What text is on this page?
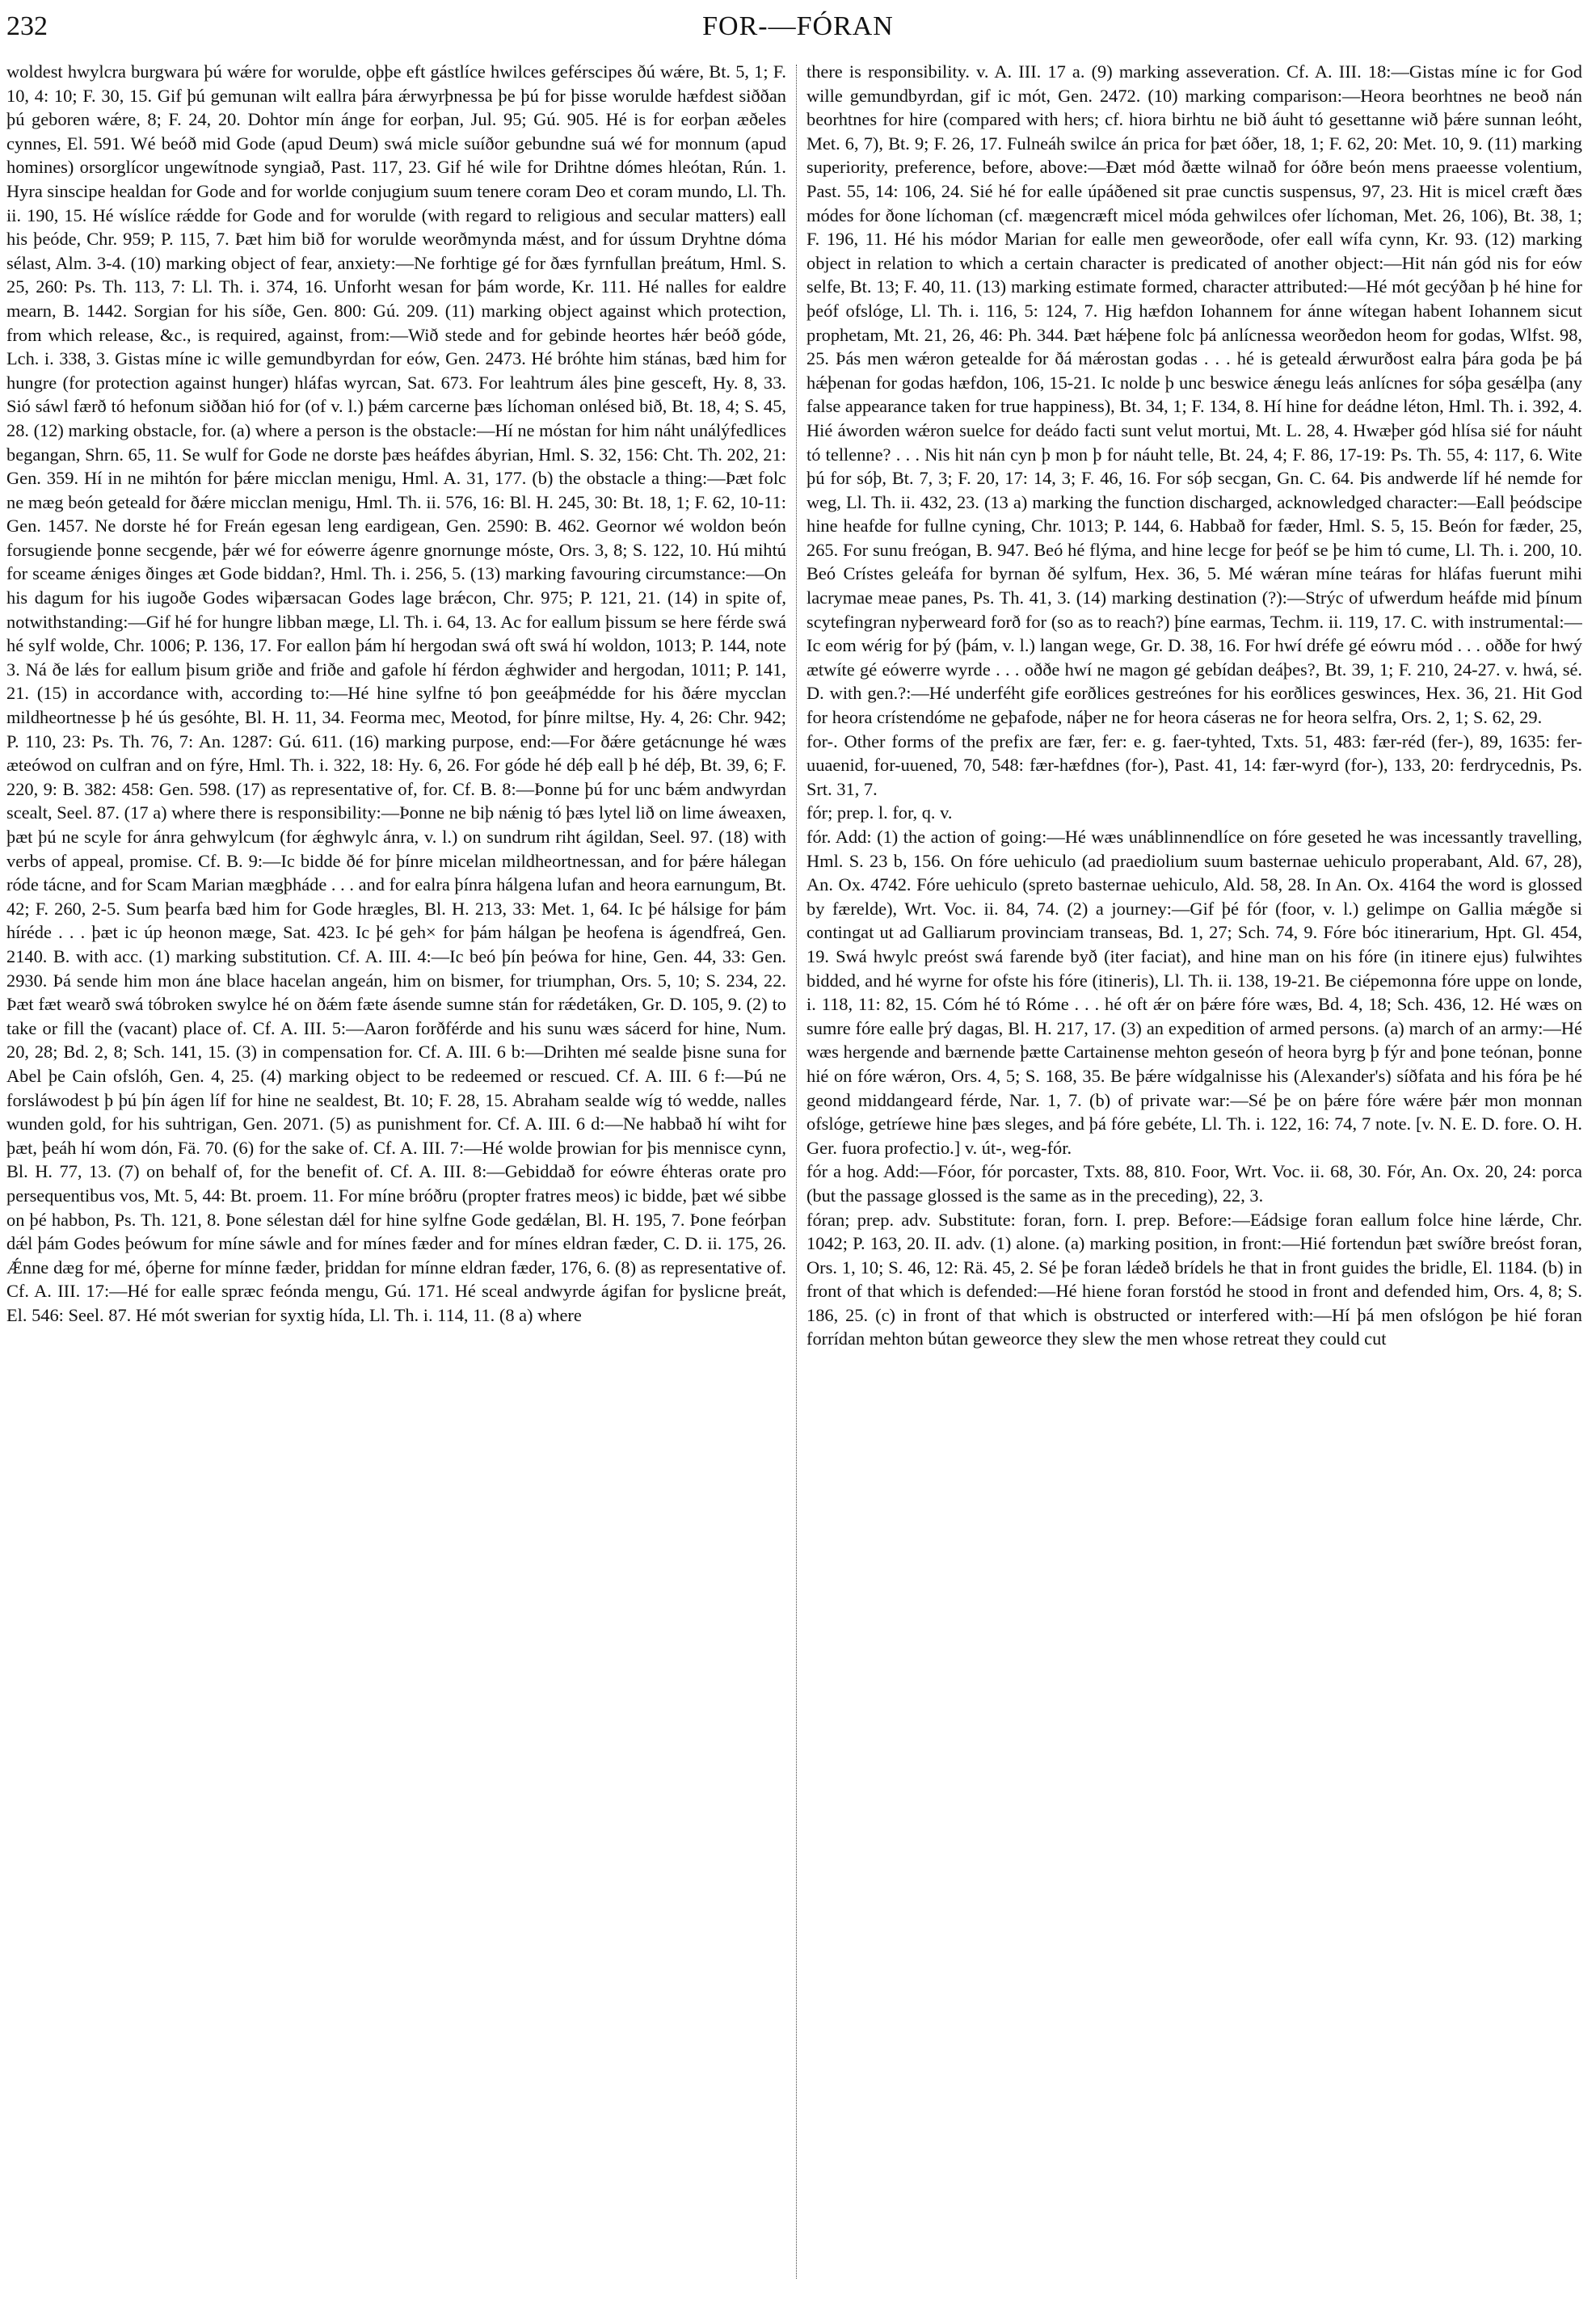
232	FOR-—FÓRAN

woldest hwylcra burgwara þú wǽre for worulde, oþþe eft gástlíce hwilces geférscipes ðú wǽre, Bt. 5, 1; F. 10, 4: 10; F. 30, 15. Gif þú gemunan wilt eallra þára ǽrwyrþnessa þe þú for þisse worulde hæfdest siððan þú geboren wǽre, 8; F. 24, 20. Dohtor mín ánge for eorþan, Jul. 95; Gú. 905. Hé is for eorþan æðeles cynnes, El. 591. Wé beóð mid Gode (apud Deum) swá micle suíðor gebundne suá wé for monnum (apud homines) orsorglícor ungewítnode syngiað, Past. 117, 23. Gif hé wile for Drihtne dómes hleótan, Rún. 1. Hyra sinscipe healdan for Gode and for worlde conjugium suum tenere coram Deo et coram mundo, Ll. Th. ii. 190, 15. Hé wíslíce rǽdde for Gode and for worulde (with regard to religious and secular matters) eall his þeóde, Chr. 959; P. 115, 7. Þæt him bið for worulde weorðmynda mǽst, and for ússum Dryhtne dóma sélast, Alm. 3-4. (10) marking object of fear, anxiety:—Ne forhtige gé for ðæs fyrnfullan þreátum, Hml. S. 25, 260: Ps. Th. 113, 7: Ll. Th. i. 374, 16. Unforht wesan for þám worde, Kr. 111. Hé nalles for ealdre mearn, B. 1442. Sorgian for his síðe, Gen. 800: Gú. 209. (11) marking object against which protection, from which release, &c., is required, against, from:—Wið stede and for gebinde heortes hǽr beóð góde, Lch. i. 338, 3. Gistas míne ic wille gemundbyrdan for eów, Gen. 2473. Hé bróhte him stánas, bæd him for hungre (for protection against hunger) hláfas wyrcan, Sat. 673. For leahtrum áles þine gesceft, Hy. 8, 33. Sió sáwl færð tó hefonum siððan hió for (of v. l.) þǽm carcerne þæs líchoman onlésed bið, Bt. 18, 4; S. 45, 28. (12) marking obstacle, for. (a) where a person is the obstacle:—Hí ne móstan for him náht unálýfedlices begangan, Shrn. 65, 11. Se wulf for Gode ne dorste þæs heáfdes ábyrian, Hml. S. 32, 156: Cht. Th. 202, 21: Gen. 359. Hí in ne mihtón for þǽre micclan menigu, Hml. A. 31, 177. (b) the obstacle a thing:—Þæt folc ne mæg beón geteald for ðǽre micclan menigu, Hml. Th. ii. 576, 16: Bl. H. 245, 30: Bt. 18, 1; F. 62, 10-11: Gen. 1457. Ne dorste hé for Freán egesan leng eardigean, Gen. 2590: B. 462. Geornor wé woldon beón forsugiende þonne secgende, þǽr wé for eówerre ágenre gnornunge móste, Ors. 3, 8; S. 122, 10. Hú mihtú for sceame ǽniges ðinges æt Gode biddan?, Hml. Th. i. 256, 5. (13) marking favouring circumstance:—On his dagum for his iugoðe Godes wiþærsacan Godes lage brǽcon, Chr. 975; P. 121, 21. (14) in spite of, notwithstanding:—Gif hé for hungre libban mæge, Ll. Th. i. 64, 13. Ac for eallum þissum se here férde swá hé sylf wolde, Chr. 1006; P. 136, 17. For eallon þám hí hergodan swá oft swá hí woldon, 1013; P. 144, note 3. Ná ðe lǽs for eallum þisum griðe and friðe and gafole hí férdon ǽghwider and hergodan, 1011; P. 141, 21. (15) in accordance with, according to:—Hé hine sylfne tó þon geeáþmédde for his ðǽre mycclan mildheortnesse þ hé ús gesóhte, Bl. H. 11, 34. Feorma mec, Meotod, for þínre miltse, Hy. 4, 26: Chr. 942; P. 110, 23: Ps. Th. 76, 7: An. 1287: Gú. 611. (16) marking purpose, end:—For ðǽre getácnunge hé wæs æteówod on culfran and on fýre, Hml. Th. i. 322, 18: Hy. 6, 26. For góde hé déþ eall þ hé déþ, Bt. 39, 6; F. 220, 9: B. 382: 458: Gen. 598. (17) as representative of, for. Cf. B. 8:—Þonne þú for unc bǽm andwyrdan scealt, Seel. 87. (17 a) where there is responsibility:—Þonne ne biþ nǽnig tó þæs lytel lið on lime áweaxen, þæt þú ne scyle for ánra gehwylcum (for ǽghwylc ánra, v. l.) on sundrum riht ágildan, Seel. 97. (18) with verbs of appeal, promise. Cf. B. 9:—Ic bidde ðé for þínre micelan mildheortnessan, and for þǽre hálegan róde tácne, and for Scam Marian mægþháde . . . and for ealra þínra hálgena lufan and heora earnungum, Bt. 42; F. 260, 2-5. Sum þearfa bæd him for Gode hrægles, Bl. H. 213, 33: Met. 1, 64. Ic þé hálsige for þám híréde . . . þæt ic úp heonon mæge, Sat. 423. Ic þé geh× for þám hálgan þe heofena is ágendfreá, Gen. 2140. B. with acc. (1) marking substitution. Cf. A. III. 4:—Ic beó þín þeówa for hine, Gen. 44, 33: Gen. 2930. Þá sende him mon áne blace hacelan angeán, him on bismer, for triumphan, Ors. 5, 10; S. 234, 22. Þæt fæt wearð swá tóbroken swylce hé on ðǽm fæte ásende sumne stán for rǽdetáken, Gr. D. 105, 9. (2) to take or fill the (vacant) place of. Cf. A. III. 5:—Aaron forðférde and his sunu wæs sácerd for hine, Num. 20, 28; Bd. 2, 8; Sch. 141, 15. (3) in compensation for. Cf. A. III. 6 b:—Drihten mé sealde þisne suna for Abel þe Cain ofslóh, Gen. 4, 25. (4) marking object to be redeemed or rescued. Cf. A. III. 6 f:—Þú ne forsláwodest þ þú þín ágen líf for hine ne sealdest, Bt. 10; F. 28, 15. Abraham sealde wíg tó wedde, nalles wunden gold, for his suhtrigan, Gen. 2071. (5) as punishment for. Cf. A. III. 6 d:—Ne habbað hí wiht for þæt, þeáh hí wom dón, Fä. 70. (6) for the sake of. Cf. A. III. 7:—Hé wolde þrowian for þis mennisce cynn, Bl. H. 77, 13. (7) on behalf of, for the benefit of. Cf. A. III. 8:—Gebiddað for eówre éhteras orate pro persequentibus vos, Mt. 5, 44: Bt. proem. 11. For míne bróðru (propter fratres meos) ic bidde, þæt wé sibbe on þé habbon, Ps. Th. 121, 8. Þone sélestan dǽl for hine sylfne Gode gedǽlan, Bl. H. 195, 7. Þone feórþan dǽl þám Godes þeówum for míne sáwle and for mínes fæder and for mínes eldran fæder, C. D. ii. 175, 26. Ǽnne dæg for mé, óþerne for mínne fæder, þriddan for mínne eldran fæder, 176, 6. (8) as representative of. Cf. A. III. 17:—Hé for ealle spræc feónda mengu, Gú. 171. Hé sceal andwyrde ágifan for þyslicne þreát, El. 546: Seel. 87. Hé mót swerian for syxtig hída, Ll. Th. i. 114, 11. (8 a) where

there is responsibility. v. A. III. 17 a. (9) marking asseveration. Cf. A. III. 18:—Gistas míne ic for God wille gemundbyrdan, gif ic mót, Gen. 2472. (10) marking comparison:—Heora beorhtnes ne beoð nán beorhtnes for hire (compared with hers; cf. hiora birhtu ne bið áuht tó gesettanne wið þǽre sunnan leóht, Met. 6, 7), Bt. 9; F. 26, 17. Fulneáh swilce án prica for þæt óðer, 18, 1; F. 62, 20: Met. 10, 9. (11) marking superiority, preference, before, above:—Ðæt mód ðætte wilnað for óðre beón mens praeesse volentium, Past. 55, 14: 106, 24. Sié hé for ealle úpáðened sit prae cunctis suspensus, 97, 23. Hit is micel cræft ðæs módes for ðone líchoman (cf. mægencræft micel móda gehwilces ofer líchoman, Met. 26, 106), Bt. 38, 1; F. 196, 11. Hé his módor Marian for ealle men geweorðode, ofer eall wífa cynn, Kr. 93. (12) marking object in relation to which a certain character is predicated of another object:—Hit nán gód nis for eów selfe, Bt. 13; F. 40, 11. (13) marking estimate formed, character attributed:—Hé mót gecýðan þ hé hine for þeóf ofslóge, Ll. Th. i. 116, 5: 124, 7. Hig hæfdon Iohannem for ánne wítegan habent Iohannem sicut prophetam, Mt. 21, 26, 46: Ph. 344. Þæt hǽþene folc þá anlícnessa weorðedon heom for godas, Wlfst. 98, 25. Þás men wǽron getealde for ðá mǽrostan godas . . . hé is geteald ǽrwurðost ealra þára goda þe þá hǽþenan for godas hæfdon, 106, 15-21. Ic nolde þ unc beswice ǽnegu leás anlícnes for sóþa gesǽlþa (any false appearance taken for true happiness), Bt. 34, 1; F. 134, 8. Hí hine for deádne léton, Hml. Th. i. 392, 4. Hié áworden wǽron suelce for deádo facti sunt velut mortui, Mt. L. 28, 4. Hwæþer gód hlísa sié for náuht tó tellenne? . . . Nis hit nán cyn þ mon þ for náuht telle, Bt. 24, 4; F. 86, 17-19: Ps. Th. 55, 4: 117, 6. Wite þú for sóþ, Bt. 7, 3; F. 20, 17: 14, 3; F. 46, 16. For sóþ secgan, Gn. C. 64. Þis andwerde líf hé nemde for weg, Ll. Th. ii. 432, 23. (13 a) marking the function discharged, acknowledged character:—Eall þeódscipe hine heafde for fullne cyning, Chr. 1013; P. 144, 6. Habbað for fæder, Hml. S. 5, 15. Beón for fæder, 25, 265. For sunu freógan, B. 947. Beó hé flýma, and hine lecge for þeóf se þe him tó cume, Ll. Th. i. 200, 10. Beó Crístes geleáfa for byrnan ðé sylfum, Hex. 36, 5. Mé wǽran míne teáras for hláfas fuerunt mihi lacrymae meae panes, Ps. Th. 41, 3. (14) marking destination (?):—Strýc of ufwerdum heáfde mid þínum scytefingran nyþerweard forð for (so as to reach?) þíne earmas, Techm. ii. 119, 17. C. with instrumental:—Ic eom wérig for þý (þám, v. l.) langan wege, Gr. D. 38, 16. For hwí dréfe gé eówru mód . . . oððe for hwý ætwíte gé eówerre wyrde . . . oððe hwí ne magon gé gebídan deáþes?, Bt. 39, 1; F. 210, 24-27. v. hwá, sé. D. with gen.?:—Hé underféht gife eorðlices gestreónes for his eorðlices geswinces, Hex. 36, 21. Hit God for heora crístendóme ne geþafode, náþer ne for heora cáseras ne for heora selfra, Ors. 2, 1; S. 62, 29.

for-. Other forms of the prefix are fær, fer: e. g. faer-tyhted, Txts. 51, 483: fær-réd (fer-), 89, 1635: fer-uuaenid, for-uuened, 70, 548: fær-hæfdnes (for-), Past. 41, 14: fær-wyrd (for-), 133, 20: ferdrycednis, Ps. Srt. 31, 7.

fór; prep. l. for, q. v.

fór. Add: (1) the action of going:—Hé wæs unáblinnendlíce on fóre geseted he was incessantly travelling, Hml. S. 23 b, 156. On fóre uehiculo (ad praediolium suum basternae uehiculo properabant, Ald. 67, 28), An. Ox. 4742. Fóre uehiculo (spreto basternae uehiculo, Ald. 58, 28. In An. Ox. 4164 the word is glossed by færelde), Wrt. Voc. ii. 84, 74. (2) a journey:—Gif þé fór (foor, v. l.) gelimpe on Gallia mǽgðe si contingat ut ad Galliarum provinciam transeas, Bd. 1, 27; Sch. 74, 9. Fóre bóc itinerarium, Hpt. Gl. 454, 19. Swá hwylc preóst swá farende byð (iter faciat), and hine man on his fóre (in itinere ejus) fulwihtes bidded, and hé wyrne for ofste his fóre (itineris), Ll. Th. ii. 138, 19-21. Be ciépemonna fóre uppe on londe, i. 118, 11: 82, 15. Cóm hé tó Róme . . . hé oft ǽr on þǽre fóre wæs, Bd. 4, 18; Sch. 436, 12. Hé wæs on sumre fóre ealle þrý dagas, Bl. H. 217, 17. (3) an expedition of armed persons. (a) march of an army:—Hé wæs hergende and bærnende þætte Cartainense mehton geseón of heora byrg þ fýr and þone teónan, þonne hié on fóre wǽron, Ors. 4, 5; S. 168, 35. Be þǽre wídgalnisse his (Alexander's) síðfata and his fóra þe hé geond middangeard férde, Nar. 1, 7. (b) of private war:—Sé þe on þǽre fóre wǽre þǽr mon monnan ofslóge, getríewe hine þæs sleges, and þá fóre gebéte, Ll. Th. i. 122, 16: 74, 7 note. [v. N. E. D. fore. O. H. Ger. fuora profectio.] v. út-, weg-fór.

fór a hog. Add:—Fóor, fór porcaster, Txts. 88, 810. Foor, Wrt. Voc. ii. 68, 30. Fór, An. Ox. 20, 24: porca (but the passage glossed is the same as in the preceding), 22, 3.

fóran; prep. adv. Substitute: foran, forn. I. prep. Before:—Eádsige foran eallum folce hine lǽrde, Chr. 1042; P. 163, 20. II. adv. (1) alone. (a) marking position, in front:—Hié fortendun þæt swíðre breóst foran, Ors. 1, 10; S. 46, 12: Rä. 45, 2. Sé þe foran lǽdeð brídels he that in front guides the bridle, El. 1184. (b) in front of that which is defended:—Hé hiene foran forstód he stood in front and defended him, Ors. 4, 8; S. 186, 25. (c) in front of that which is obstructed or interfered with:—Hí þá men ofslógon þe hié foran forrídan mehton bútan geweorce they slew the men whose retreat they could cut
